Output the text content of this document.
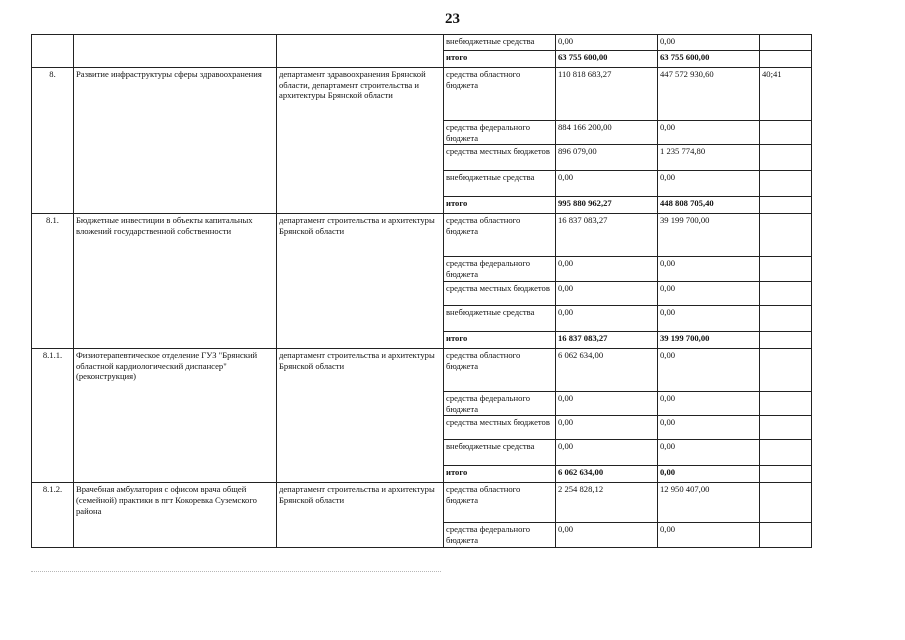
23
			внебюджетные средства	0,00	0,00	
			итого	63 755 600,00	63 755 600,00	
8.	Развитие инфраструктуры сферы здравоохранения	департамент здравоохранения Брянской области, департамент строительства и архитектуры Брянской области	средства областного бюджета	110 818 683,27	447 572 930,60	40;41
			средства федерального бюджета	884 166 200,00	0,00	
			средства местных бюджетов	896 079,00	1 235 774,80	
			внебюджетные средства	0,00	0,00	
			итого	995 880 962,27	448 808 705,40	
8.1.	Бюджетные инвестиции в объекты капитальных вложений государственной собственности	департамент строительства и архитектуры Брянской области	средства областного бюджета	16 837 083,27	39 199 700,00	
			средства федерального бюджета	0,00	0,00	
			средства местных бюджетов	0,00	0,00	
			внебюджетные средства	0,00	0,00	
			итого	16 837 083,27	39 199 700,00	
8.1.1.	Физиотерапевтическое отделение ГУЗ "Брянский областной кардиологический диспансер" (реконструкция)	департамент строительства и архитектуры Брянской области	средства областного бюджета	6 062 634,00	0,00	
			средства федерального бюджета	0,00	0,00	
			средства местных бюджетов	0,00	0,00	
			внебюджетные средства	0,00	0,00	
			итого	6 062 634,00	0,00	
8.1.2.	Врачебная амбулатория с офисом врача общей (семейной) практики в пгт Кокоревка Суземского района	департамент строительства и архитектуры Брянской области	средства областного бюджета	2 254 828,12	12 950 407,00	
			средства федерального бюджета	0,00	0,00	
